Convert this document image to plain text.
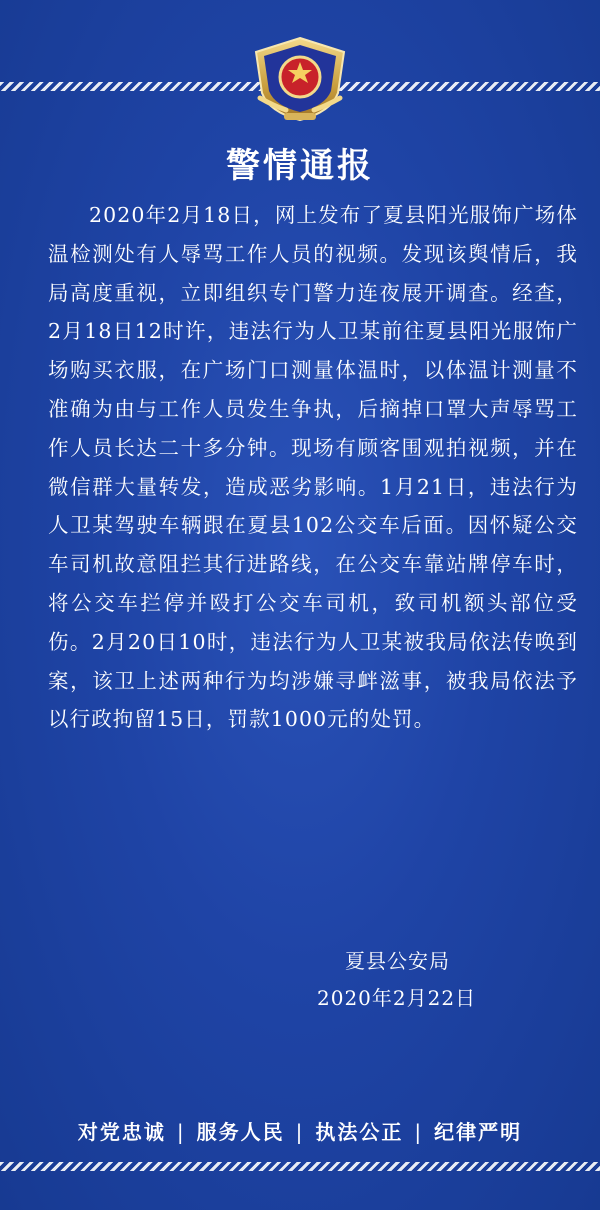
警情通报
2020年2月18日，网上发布了夏县阳光服饰广场体温检测处有人辱骂工作人员的视频。发现该舆情后，我局高度重视，立即组织专门警力连夜展开调查。经查，2月18日12时许，违法行为人卫某前往夏县阳光服饰广场购买衣服，在广场门口测量体温时，以体温计测量不准确为由与工作人员发生争执，后摘掉口罩大声辱骂工作人员长达二十多分钟。现场有顾客围观拍视频，并在微信群大量转发，造成恶劣影响。1月21日，违法行为人卫某驾驶车辆跟在夏县102公交车后面。因怀疑公交车司机故意阻拦其行进路线，在公交车靠站牌停车时，将公交车拦停并殴打公交车司机，致司机额头部位受伤。2月20日10时，违法行为人卫某被我局依法传唤到案，该卫上述两种行为均涉嫌寻衅滋事，被我局依法予以行政拘留15日，罚款1000元的处罚。
夏县公安局
2020年2月22日
对党忠诚 | 服务人民 | 执法公正 | 纪律严明
